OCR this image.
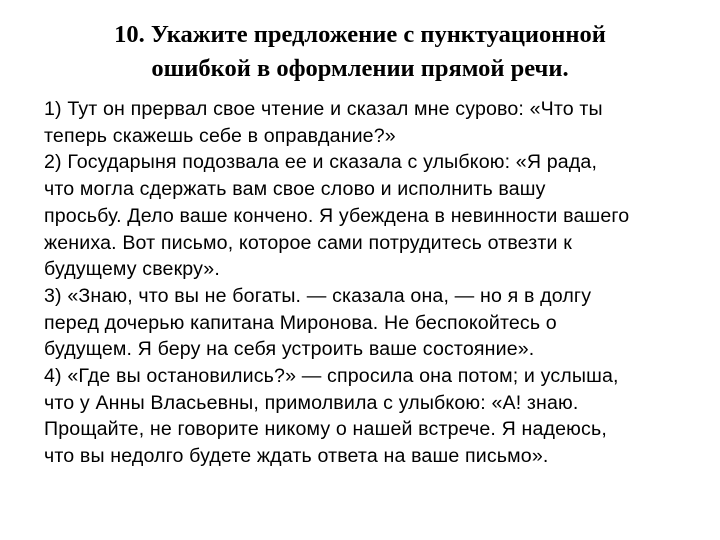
10. Укажите предложение с пунктуационной
ошибкой в оформлении прямой речи.
1) Тут он прервал свое чтение и сказал мне сурово: «Что ты
теперь скажешь себе в оправдание?»
2) Государыня подозвала ее и сказала с улыбкою: «Я рада,
что могла сдержать вам свое слово и исполнить вашу
просьбу. Дело ваше кончено. Я убеждена в невинности вашего
жениха. Вот письмо, которое сами потрудитесь отвезти к
будущему свекру».
3) «Знаю, что вы не богаты. — сказала она, — но я в долгу
перед дочерью капитана Миронова. Не беспокойтесь о
будущем. Я беру на себя устроить ваше состояние».
4) «Где вы остановились?» — спросила она потом; и услыша,
что у Анны Власьевны, примолвила с улыбкою: «А! знаю.
Прощайте, не говорите никому о нашей встрече. Я надеюсь,
что вы недолго будете ждать ответа на ваше письмо».
